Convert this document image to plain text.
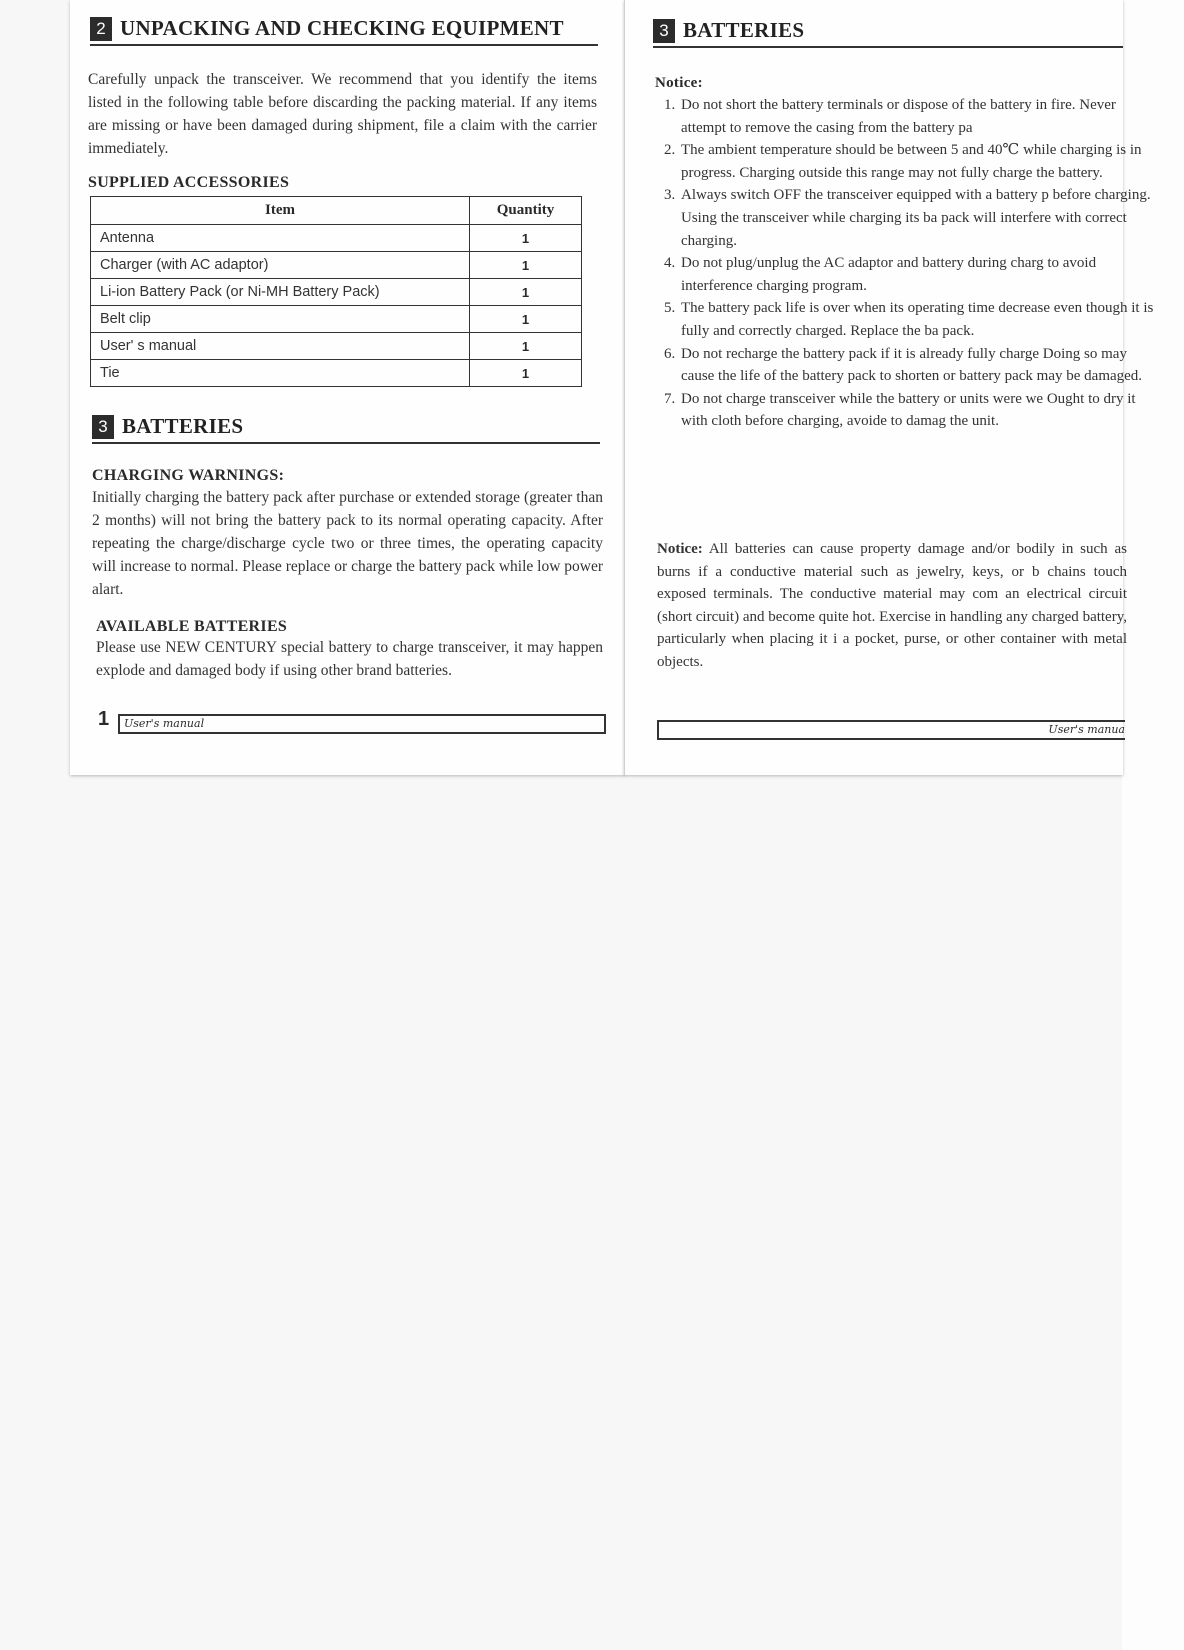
2 UNPACKING AND CHECKING EQUIPMENT
Carefully unpack the transceiver. We recommend that you identify the items listed in the following table before discarding the packing material. If any items are missing or have been damaged during shipment, file a claim with the carrier immediately.
SUPPLIED ACCESSORIES
Item	Quantity
Antenna	1
Charger (with AC adaptor)	1
Li-ion Battery Pack (or Ni-MH Battery Pack)	1
Belt clip	1
User' s manual	1
Tie	1
3 BATTERIES
CHARGING WARNINGS:
Initially charging the battery pack after purchase or extended storage (greater than 2 months) will not bring the battery pack to its normal operating capacity. After repeating the charge/discharge cycle two or three times, the operating capacity will increase to normal. Please replace or charge the battery pack while low power alart.
AVAILABLE BATTERIES
Please use NEW CENTURY special battery to charge transceiver, it may happen explode and damaged body if using other brand batteries.
1 User's manual
3 BATTERIES
Notice:
1. Do not short the battery terminals or dispose of the battery in fire. Never attempt to remove the casing from the battery pa
2. The ambient temperature should be between 5 and 40℃ while charging is in progress. Charging outside this range may not fully charge the battery.
3. Always switch OFF the transceiver equipped with a battery p before charging. Using the transceiver while charging its ba pack will interfere with correct charging.
4. Do not plug/unplug the AC adaptor and battery during charg to avoid interference charging program.
5. The battery pack life is over when its operating time decrease even though it is fully and correctly charged. Replace the ba pack.
6. Do not recharge the battery pack if it is already fully charge Doing so may cause the life of the battery pack to shorten or battery pack may be damaged.
7. Do not charge transceiver while the battery or units were we Ought to dry it with cloth before charging, avoide to damag the unit.
Notice: All batteries can cause property damage and/or bodily in such as burns if a conductive material such as jewelry, keys, or b chains touch exposed terminals. The conductive material may com an electrical circuit (short circuit) and become quite hot. Exercise in handling any charged battery, particularly when placing it i a pocket, purse, or other container with metal objects.
User's manua
